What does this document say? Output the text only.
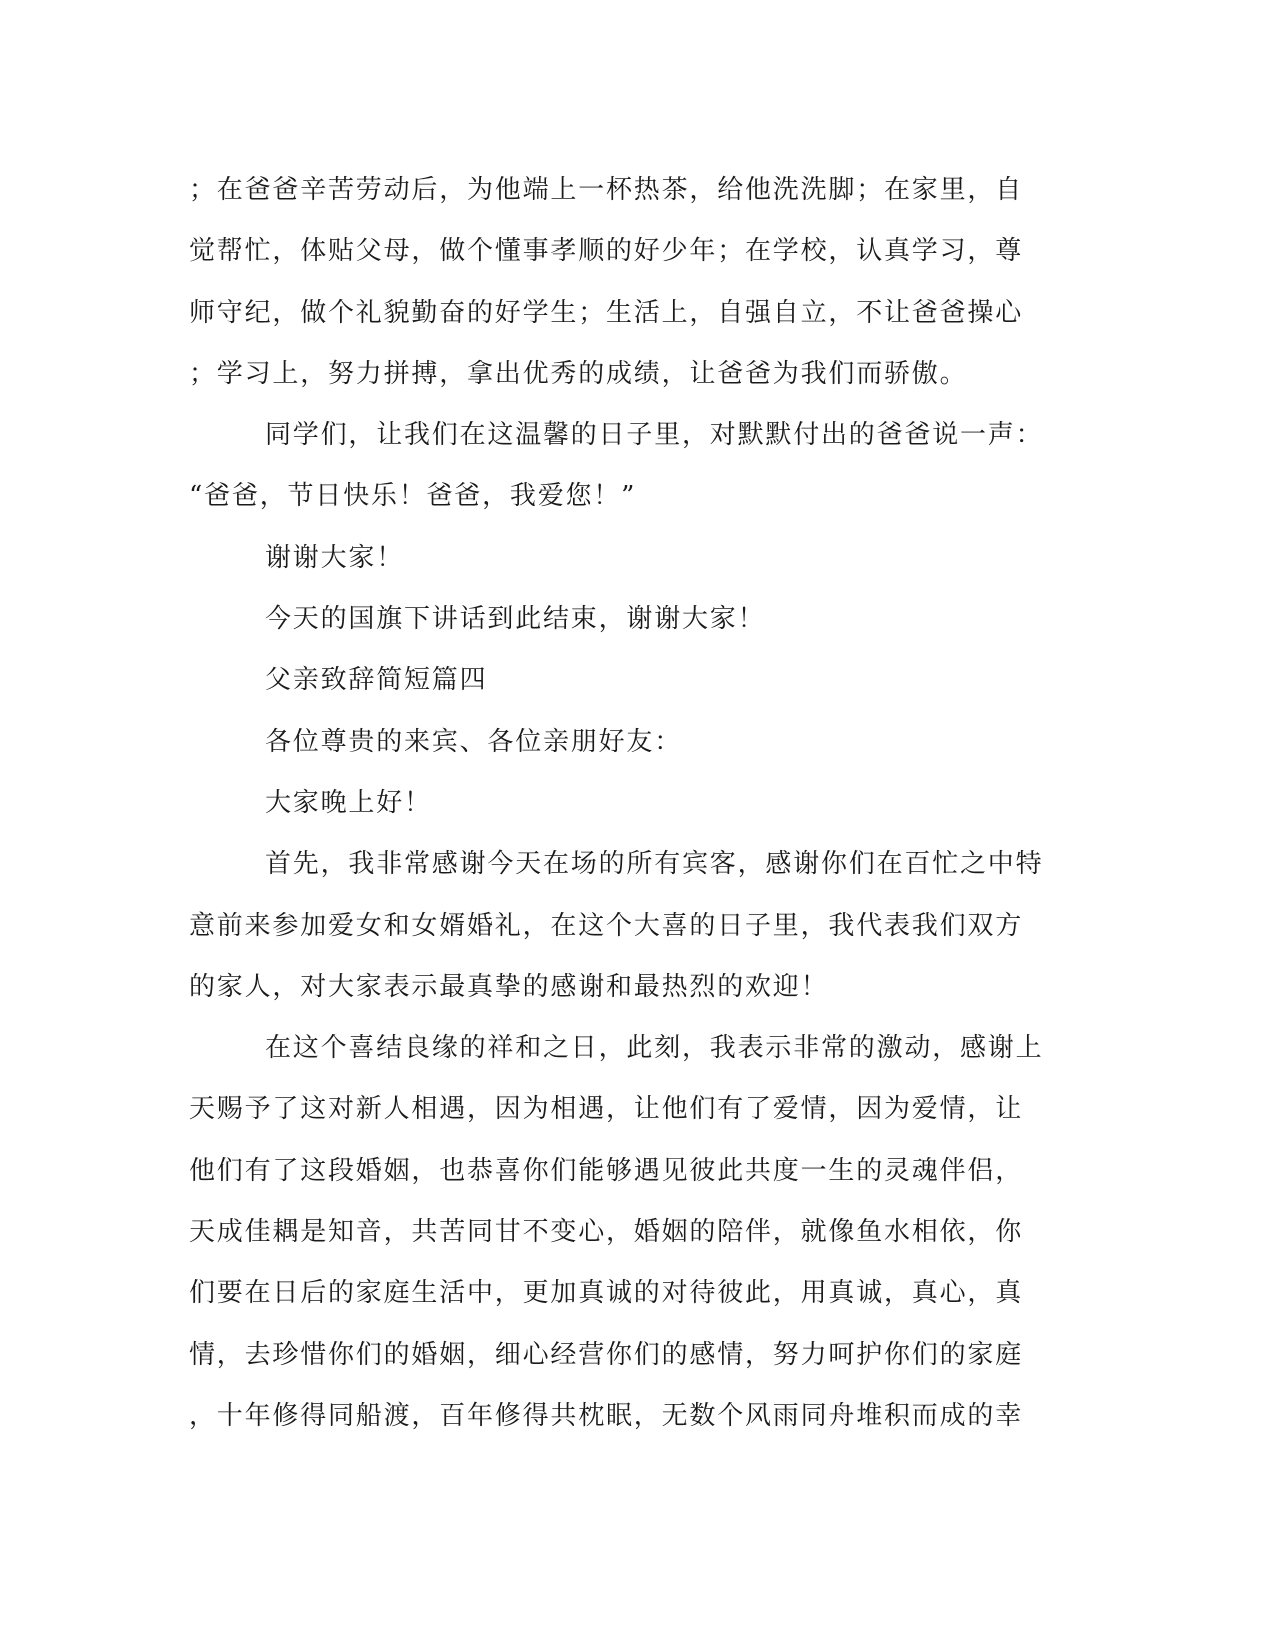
；在爸爸辛苦劳动后，为他端上一杯热茶，给他洗洗脚；在家里，自
觉帮忙，体贴父母，做个懂事孝顺的好少年；在学校，认真学习，尊
师守纪，做个礼貌勤奋的好学生；生活上，自强自立，不让爸爸操心
；学习上，努力拼搏，拿出优秀的成绩，让爸爸为我们而骄傲。
同学们，让我们在这温馨的日子里，对默默付出的爸爸说一声：
“爸爸，节日快乐！爸爸，我爱您！”
谢谢大家！
今天的国旗下讲话到此结束，谢谢大家！
父亲致辞简短篇四
各位尊贵的来宾、各位亲朋好友：
大家晚上好！
首先，我非常感谢今天在场的所有宾客，感谢你们在百忙之中特
意前来参加爱女和女婿婚礼，在这个大喜的日子里，我代表我们双方
的家人，对大家表示最真挚的感谢和最热烈的欢迎！
在这个喜结良缘的祥和之日，此刻，我表示非常的激动，感谢上
天赐予了这对新人相遇，因为相遇，让他们有了爱情，因为爱情，让
他们有了这段婚姻，也恭喜你们能够遇见彼此共度一生的灵魂伴侣，
天成佳耦是知音，共苦同甘不变心，婚姻的陪伴，就像鱼水相依，你
们要在日后的家庭生活中，更加真诚的对待彼此，用真诚，真心，真
情，去珍惜你们的婚姻，细心经营你们的感情，努力呵护你们的家庭
，十年修得同船渡，百年修得共枕眠，无数个风雨同舟堆积而成的幸
